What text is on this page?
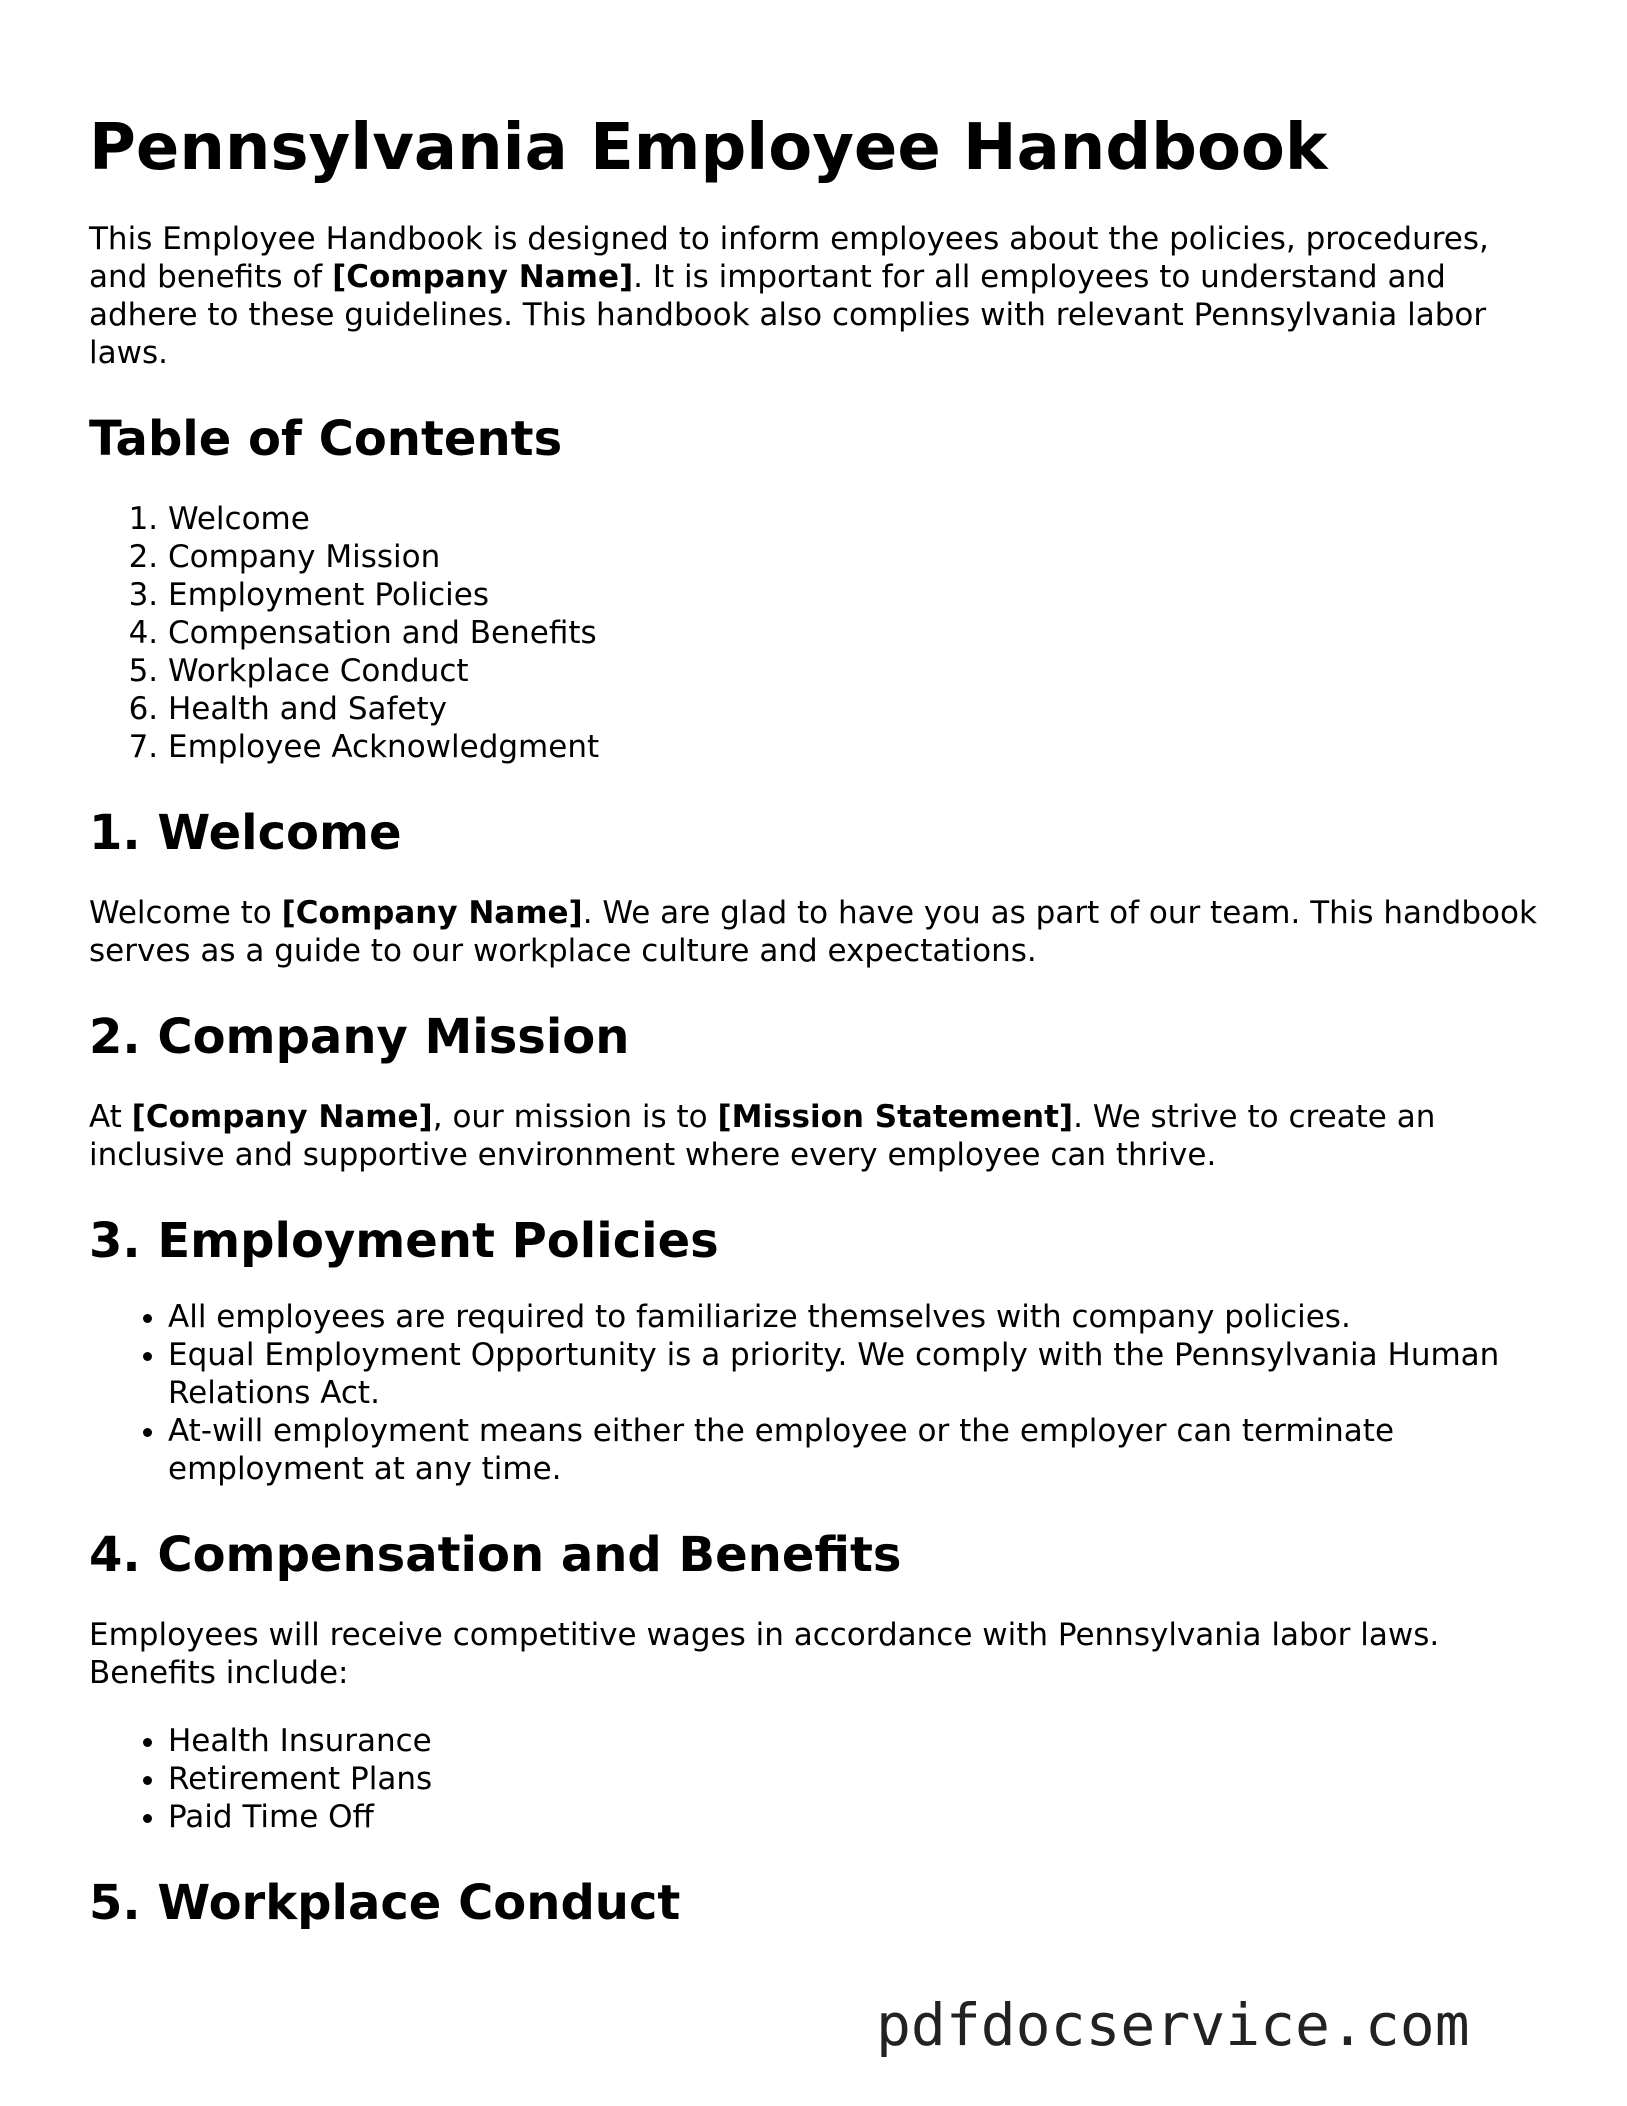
Pennsylvania Employee Handbook

This Employee Handbook is designed to inform employees about the policies, procedures, and benefits of [Company Name]. It is important for all employees to understand and adhere to these guidelines. This handbook also complies with relevant Pennsylvania labor laws.

Table of Contents
1. Welcome
2. Company Mission
3. Employment Policies
4. Compensation and Benefits
5. Workplace Conduct
6. Health and Safety
7. Employee Acknowledgment
1. Welcome

Welcome to [Company Name]. We are glad to have you as part of our team. This handbook serves as a guide to our workplace culture and expectations.

2. Company Mission

At [Company Name], our mission is to [Mission Statement]. We strive to create an inclusive and supportive environment where every employee can thrive.

3. Employment Policies
• All employees are required to familiarize themselves with company policies.
• Equal Employment Opportunity is a priority. We comply with the Pennsylvania Human Relations Act.
• At-will employment means either the employee or the employer can terminate employment at any time.
4. Compensation and Benefits

Employees will receive competitive wages in accordance with Pennsylvania labor laws. Benefits include:

• Health Insurance
• Retirement Plans
• Paid Time Off
5. Workplace Conduct
pdfdocservice.com
